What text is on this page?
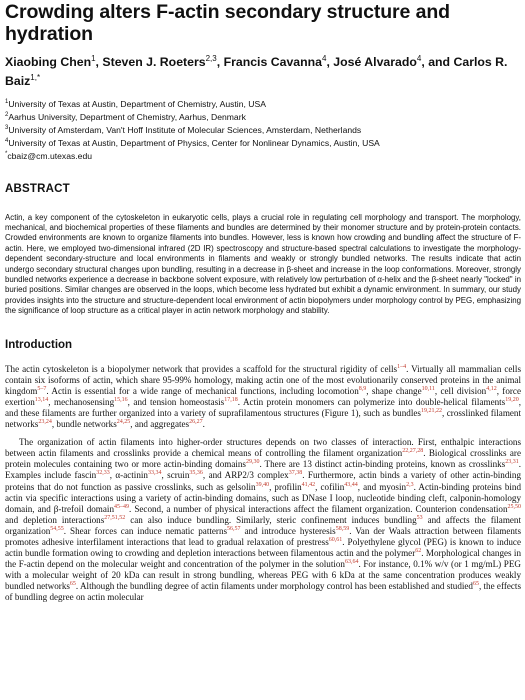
Crowding alters F-actin secondary structure and hydration
Xiaobing Chen$^1$, Steven J. Roeters$^{2,3}$, Francis Cavanna$^4$, José Alvarado$^4$, and Carlos R. Baiz$^{1,*}$
$^1$University of Texas at Austin, Department of Chemistry, Austin, USA
$^2$Aarhus University, Department of Chemistry, Aarhus, Denmark
$^3$University of Amsterdam, Van't Hoff Institute of Molecular Sciences, Amsterdam, Netherlands
$^4$University of Texas at Austin, Department of Physics, Center for Nonlinear Dynamics, Austin, USA
*cbaiz@cm.utexas.edu
ABSTRACT

Actin, a key component of the cytoskeleton in eukaryotic cells, plays a crucial role in regulating cell morphology and transport. The morphology, mechanical, and biochemical properties of these filaments and bundles are determined by their monomer structure and by protein-protein contacts. Crowded environments are known to organize filaments into bundles. However, less is known how crowding and bundling affect the structure of F-actin. Here, we employed two-dimensional infrared (2D IR) spectroscopy and structure-based spectral calculations to investigate the morphology-dependent secondary-structure and local environments in filaments and weakly or strongly bundled networks. The results indicate that actin undergo secondary structural changes upon bundling, resulting in a decrease in β-sheet and increase in the loop conformations. Moreover, strongly bundled networks experience a decrease in backbone solvent exposure, with relatively low perturbation of α-helix and the β-sheet nearly "locked" in buried positions. Similar changes are observed in the loops, which become less hydrated but exhibit a dynamic environment. In summary, our study provides insights into the structure and structure-dependent local environment of actin biopolymers under morphology control by PEG, emphasizing the significance of loop structure as a critical player in actin network morphology and stability.

Introduction

The actin cytoskeleton is a biopolymer network that provides a scaffold for the structural rigidity of cells$^{1-4}$. Virtually all mammalian cells contain six isoforms of actin, which share 95-99% homology, making actin one of the most evolutionarily conserved proteins in the animal kingdom$^{5-7}$. Actin is essential for a wide range of mechanical functions, including locomotion$^{8,9}$, shape change$^{10,11}$, cell division$^{4,12}$, force exertion$^{13,14}$, mechanosensing$^{15,16}$, and tension homeostasis$^{17,18}$. Actin protein monomers can polymerize into double-helical filaments$^{19,20}$, and these filaments are further organized into a variety of suprafilamentous structures (Figure 1), such as bundles$^{19,21,22}$, crosslinked filament networks$^{23,24}$, bundle networks$^{24,25}$, and aggregates$^{26,27}$.

The organization of actin filaments into higher-order structures depends on two classes of interaction. First, enthalpic interactions between actin filaments and crosslinks provide a chemical means of controlling the filament organization$^{22,27,28}$. Biological crosslinks are protein molecules containing two or more actin-binding domains$^{29,30}$. There are 13 distinct actin-binding proteins, known as crosslinks$^{23,31}$. Examples include fascin$^{32,33}$, α-actinin$^{33,34}$, scruin$^{35,36}$, and ARP2/3 complex$^{37,38}$. Furthermore, actin binds a variety of other actin-binding proteins that do not function as passive crosslinks, such as gelsolin$^{39,40}$, profilin$^{41,42}$, cofilin$^{43,44}$, and myosin$^{2,3}$. Actin-binding proteins bind actin via specific interactions using a variety of actin-binding domains, such as DNase I loop, nucleotide binding cleft, calponin-homology domain, and β-trefoil domain$^{45-49}$. Second, a number of physical interactions affect the filament organization. Counterion condensation$^{25,50}$ and depletion interactions$^{27,51,52}$ can also induce bundling. Similarly, steric confinement induces bundling$^{53}$ and affects the filament organization$^{54,55}$. Shear forces can induce nematic patterns$^{56,57}$ and introduce hysteresis$^{58,59}$. Van der Waals attraction between filaments promotes adhesive interfilament interactions that lead to gradual relaxation of prestress$^{60,61}$. Polyethylene glycol (PEG) is known to induce actin bundle formation owing to crowding and depletion interactions between filamentous actin and the polymer$^{62}$. Morphological changes in the F-actin depend on the molecular weight and concentration of the polymer in the solution$^{63,64}$. For instance, 0.1% w/v (or 1 mg/mL) PEG with a molecular weight of 20 kDa can result in strong bundling, whereas PEG with 6 kDa at the same concentration produces weakly bundled networks$^{65}$. Although the bundling degree of actin filaments under morphology control has been established and studied$^{65}$, the effects of bundling degree on actin molecular
